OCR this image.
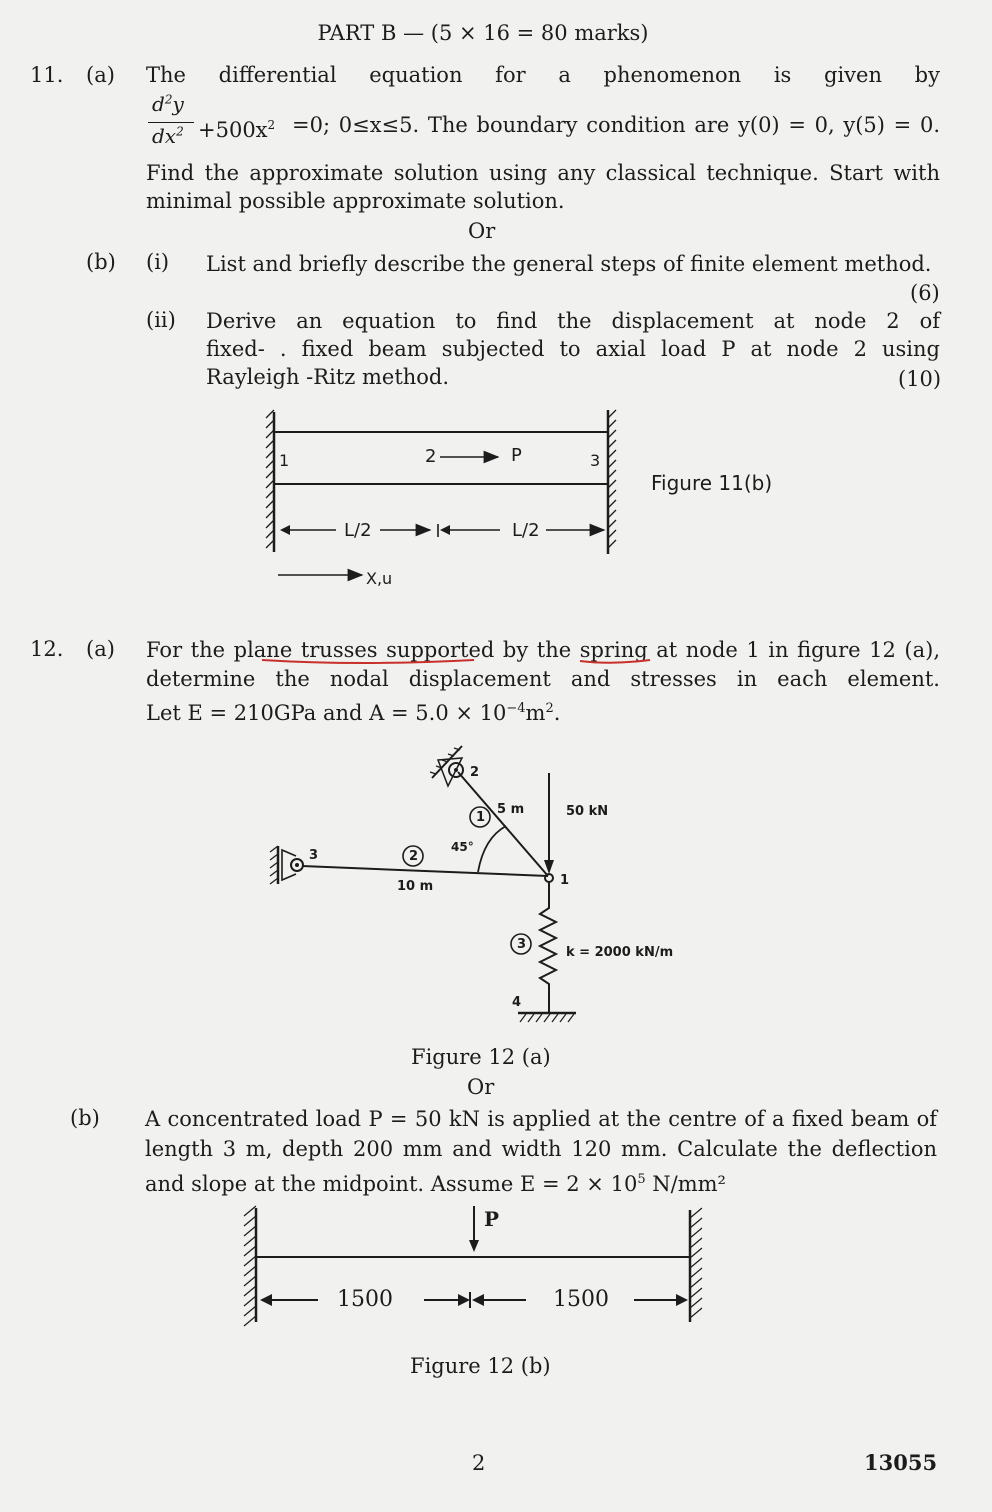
PART B — (5 × 16 = 80 marks)
11. (a) The differential equation for a phenomenon is given by
$d^2y$
$dx^2 +500x^2 =0$; 0≤x≤5. The boundary condition are y(0) = 0, y(5) = 0.
Find the approximate solution using any classical technique. Start with
minimal possible approximate solution.
Or
(b) (i) List and briefly describe the general steps of finite element method.
(6)
(ii) Derive an equation to find the displacement at node 2 of
fixed- . fixed beam subjected to axial load P at node 2 using
Rayleigh -Ritz method.	(10)
1	2	P	3
Figure 11(b)
L/2	L/2
X,u
12. (a) For the plane trusses supported by the spring at node 1 in figure 12 (a),
determine the nodal displacement and stresses in each element.
Let E = 210GPa and $A = 5.0 \times 10^{-4}m^2$.
2
1
5 m	50 kN
45°
3	2
10 m	1
3
k = 2000 kN/m
4
Figure 12 (a)
Or
(b) A concentrated load P = 50 kN is applied at the centre of a fixed beam of
length 3 m, depth 200 mm and width 120 mm. Calculate the deflection
and slope at the midpoint. Assume $E = 2 \times 10^5$ N/mm²
P
1500	1500
Figure 12 (b)
2	13055
